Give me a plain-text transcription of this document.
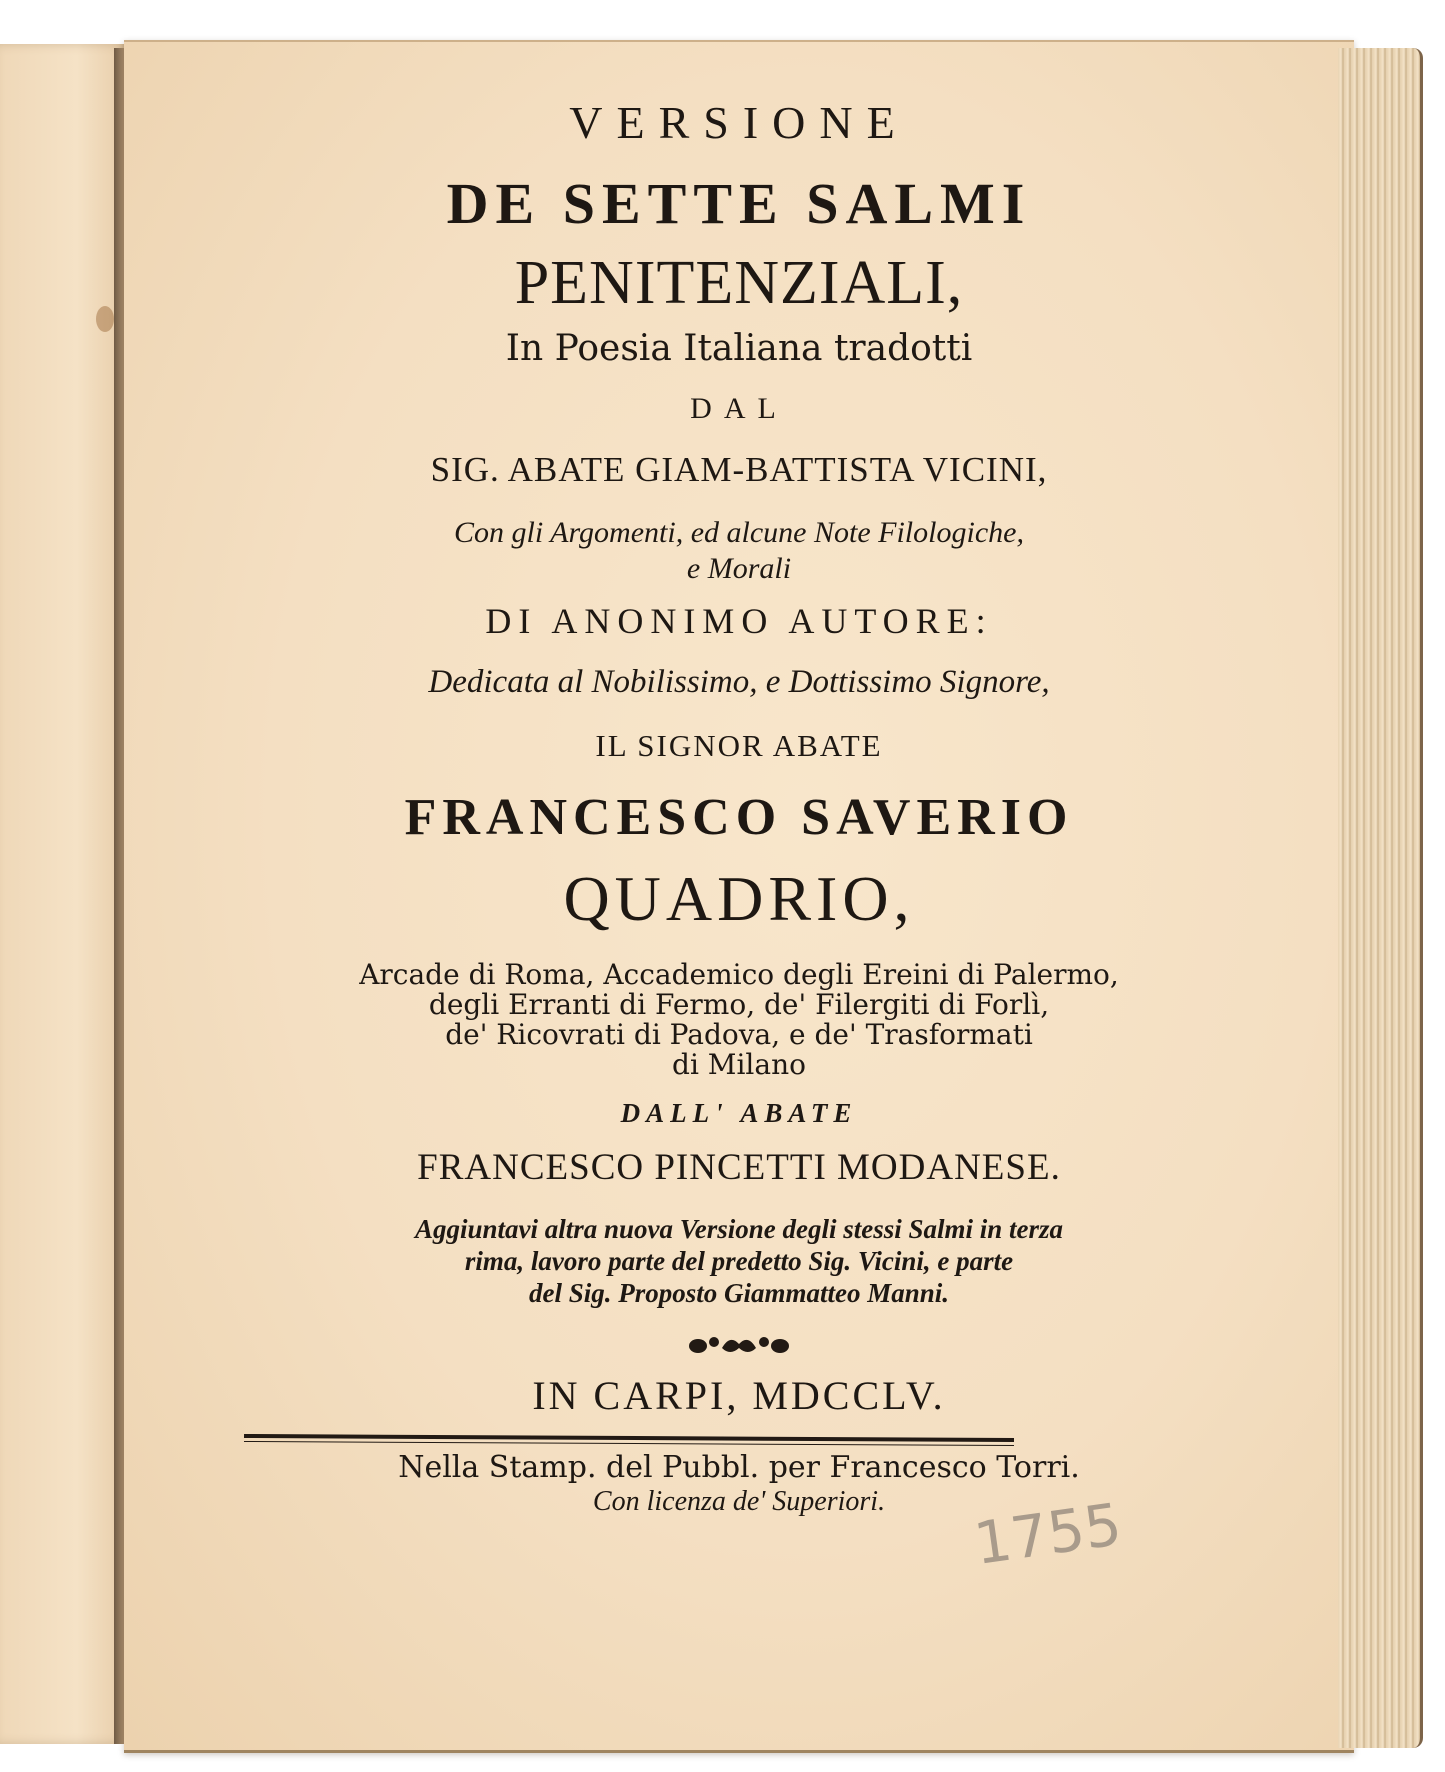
VERSIONE
DE SETTE SALMI
PENITENZIALI,
In Poesia Italiana tradotti
DAL
SIG. ABATE GIAM-BATTISTA VICINI,
Con gli Argomenti, ed alcune Note Filologiche,
e Morali
DI ANONIMO AUTORE:
Dedicata al Nobilissimo, e Dottissimo Signore,
IL SIGNOR ABATE
FRANCESCO SAVERIO
QUADRIO,
Arcade di Roma, Accademico degli Ereini di Palermo,
degli Erranti di Fermo, de' Filergiti di Forlì,
de' Ricovrati di Padova, e de' Trasformati
di Milano
DALL' ABATE
FRANCESCO PINCETTI MODANESE.
Aggiuntavi altra nuova Versione degli stessi Salmi in terza
rima, lavoro parte del predetto Sig. Vicini, e parte
del Sig. Proposto Giammatteo Manni.
IN CARPI, MDCCLV.
Nella Stamp. del Pubbl. per Francesco Torri.
Con licenza de' Superiori.	1755
